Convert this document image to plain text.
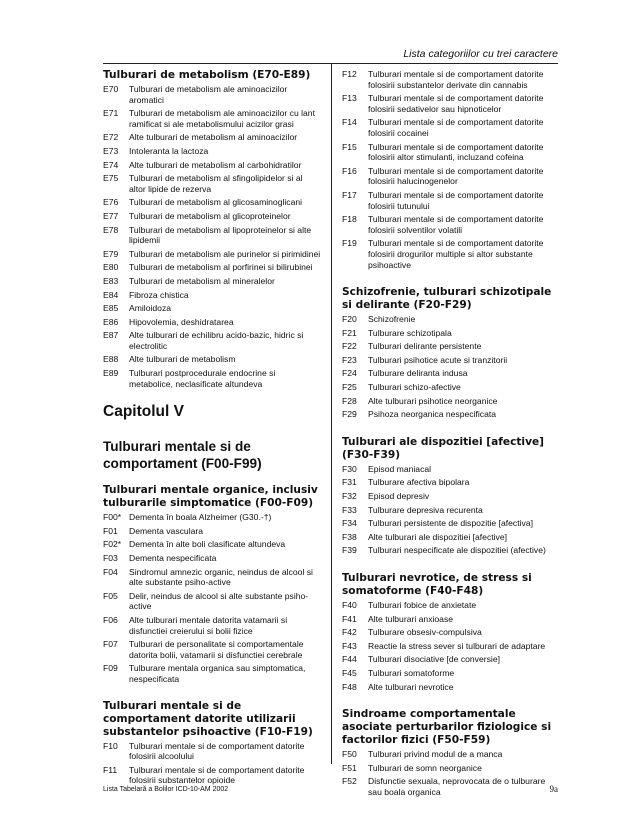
Lista categoriilor cu trei caractere
Tulburari de metabolism (E70-E89)
E70	Tulburari de metabolism ale aminoacizilor aromatici
E71	Tulburari de metabolism ale aminoacizilor cu lant ramificat si ale metabolismului acizilor grasi
E72	Alte tulburari de metabolism al aminoacizilor
E73	Intoleranta la lactoza
E74	Alte tulburari de metabolism al carbohidratilor
E75	Tulburari de metabolism al sfingolipidelor si al altor lipide de rezerva
E76	Tulburari de metabolism al glicosaminoglicani
E77	Tulburari de metabolism al glicoproteinelor
E78	Tulburari de metabolism al lipoproteinelor si alte lipidemii
E79	Tulburari de metabolism ale purinelor si pirimidinei
E80	Tulburari de metabolism al porfirinei si bilirubinei
E83	Tulburari de metabolism al mineralelor
E84	Fibroza chistica
E85	Amiloidoza
E86	Hipovolemia, deshidratarea
E87	Alte tulburari de echilibru acido-bazic, hidric si electrolitic
E88	Alte tulburari de metabolism
E89	Tulburari postprocedurale endocrine si metabolice, neclasificate altundeva
Capitolul V
Tulburari mentale si de comportament (F00-F99)
Tulburari mentale organice, inclusiv tulburarile simptomatice (F00-F09)
F00* Dementa în boala Alzheimer (G30.-†)
F01	Dementa vasculara
F02* Dementa în alte boli clasificate altundeva
F03	Dementa nespecificata
F04	Sindromul amnezic organic, neindus de alcool si alte substante psiho-active
F05	Delir, neindus de alcool si alte substante psiho-active
F06	Alte tulburari mentale datorita vatamarii si disfunctiei creierului si bolii fizice
F07	Tulburari de personalitate si comportamentale datorita bolii, vatamarii si disfunctiei cerebrale
F09	Tulburare mentala organica sau simptomatica, nespecificata
Tulburari mentale si de comportament datorite utilizarii substantelor psihoactive (F10-F19)
F10	Tulburari mentale si de comportament datorite folosirii alcoolului
F11	Tulburari mentale si de comportament datorite folosirii substantelor opioide
F12	Tulburari mentale si de comportament datorite folosirii substantelor derivate din cannabis
F13	Tulburari mentale si de comportament datorite folosirii sedativelor sau hipnoticelor
F14	Tulburari mentale si de comportament datorite folosirii cocainei
F15	Tulburari mentale si de comportament datorite folosirii altor stimulanti, incluzand cofeina
F16	Tulburari mentale si de comportament datorite folosirii halucinogenelor
F17	Tulburari mentale si de comportament datorite folosirii tutunului
F18	Tulburari mentale si de comportament datorite folosirii solventilor volatili
F19	Tulburari mentale si de comportament datorite folosirii drogurilor multiple si altor substante psihoactive
Schizofrenie, tulburari schizotipale si delirante (F20-F29)
F20	Schizofrenie
F21	Tulburare schizotipala
F22	Tulburari delirante persistente
F23	Tulburari psihotice acute si tranzitorii
F24	Tulburare deliranta indusa
F25	Tulburari schizo-afective
F28	Alte tulburari psihotice neorganice
F29	Psihoza neorganica nespecificata
Tulburari ale dispozitiei [afective] (F30-F39)
F30	Episod maniacal
F31	Tulburare afectiva bipolara
F32	Episod depresiv
F33	Tulburare depresiva recurenta
F34	Tulburari persistente de dispozitie [afectiva]
F38	Alte tulburari ale dispozitiei [afective]
F39	Tulburari nespecificate ale dispozitiei (afective)
Tulburari nevrotice, de stress si somatoforme (F40-F48)
F40	Tulburari fobice de anxietate
F41	Alte tulburari anxioase
F42	Tulburare obsesiv-compulsiva
F43	Reactie la stress sever si tulburari de adaptare
F44	Tulburari disociative [de conversie]
F45	Tulburari somatoforme
F48	Alte tulburari nevrotice
Sindroame comportamentale asociate perturbarilor fiziologice si factorilor fizici (F50-F59)
F50	Tulburari privind modul de a manca
F51	Tulburari de somn neorganice
F52	Disfunctie sexuala, neprovocata de o tulburare sau boala organica
Lista Tabelară a Bolilor ICD-10-AM 2002	9a
